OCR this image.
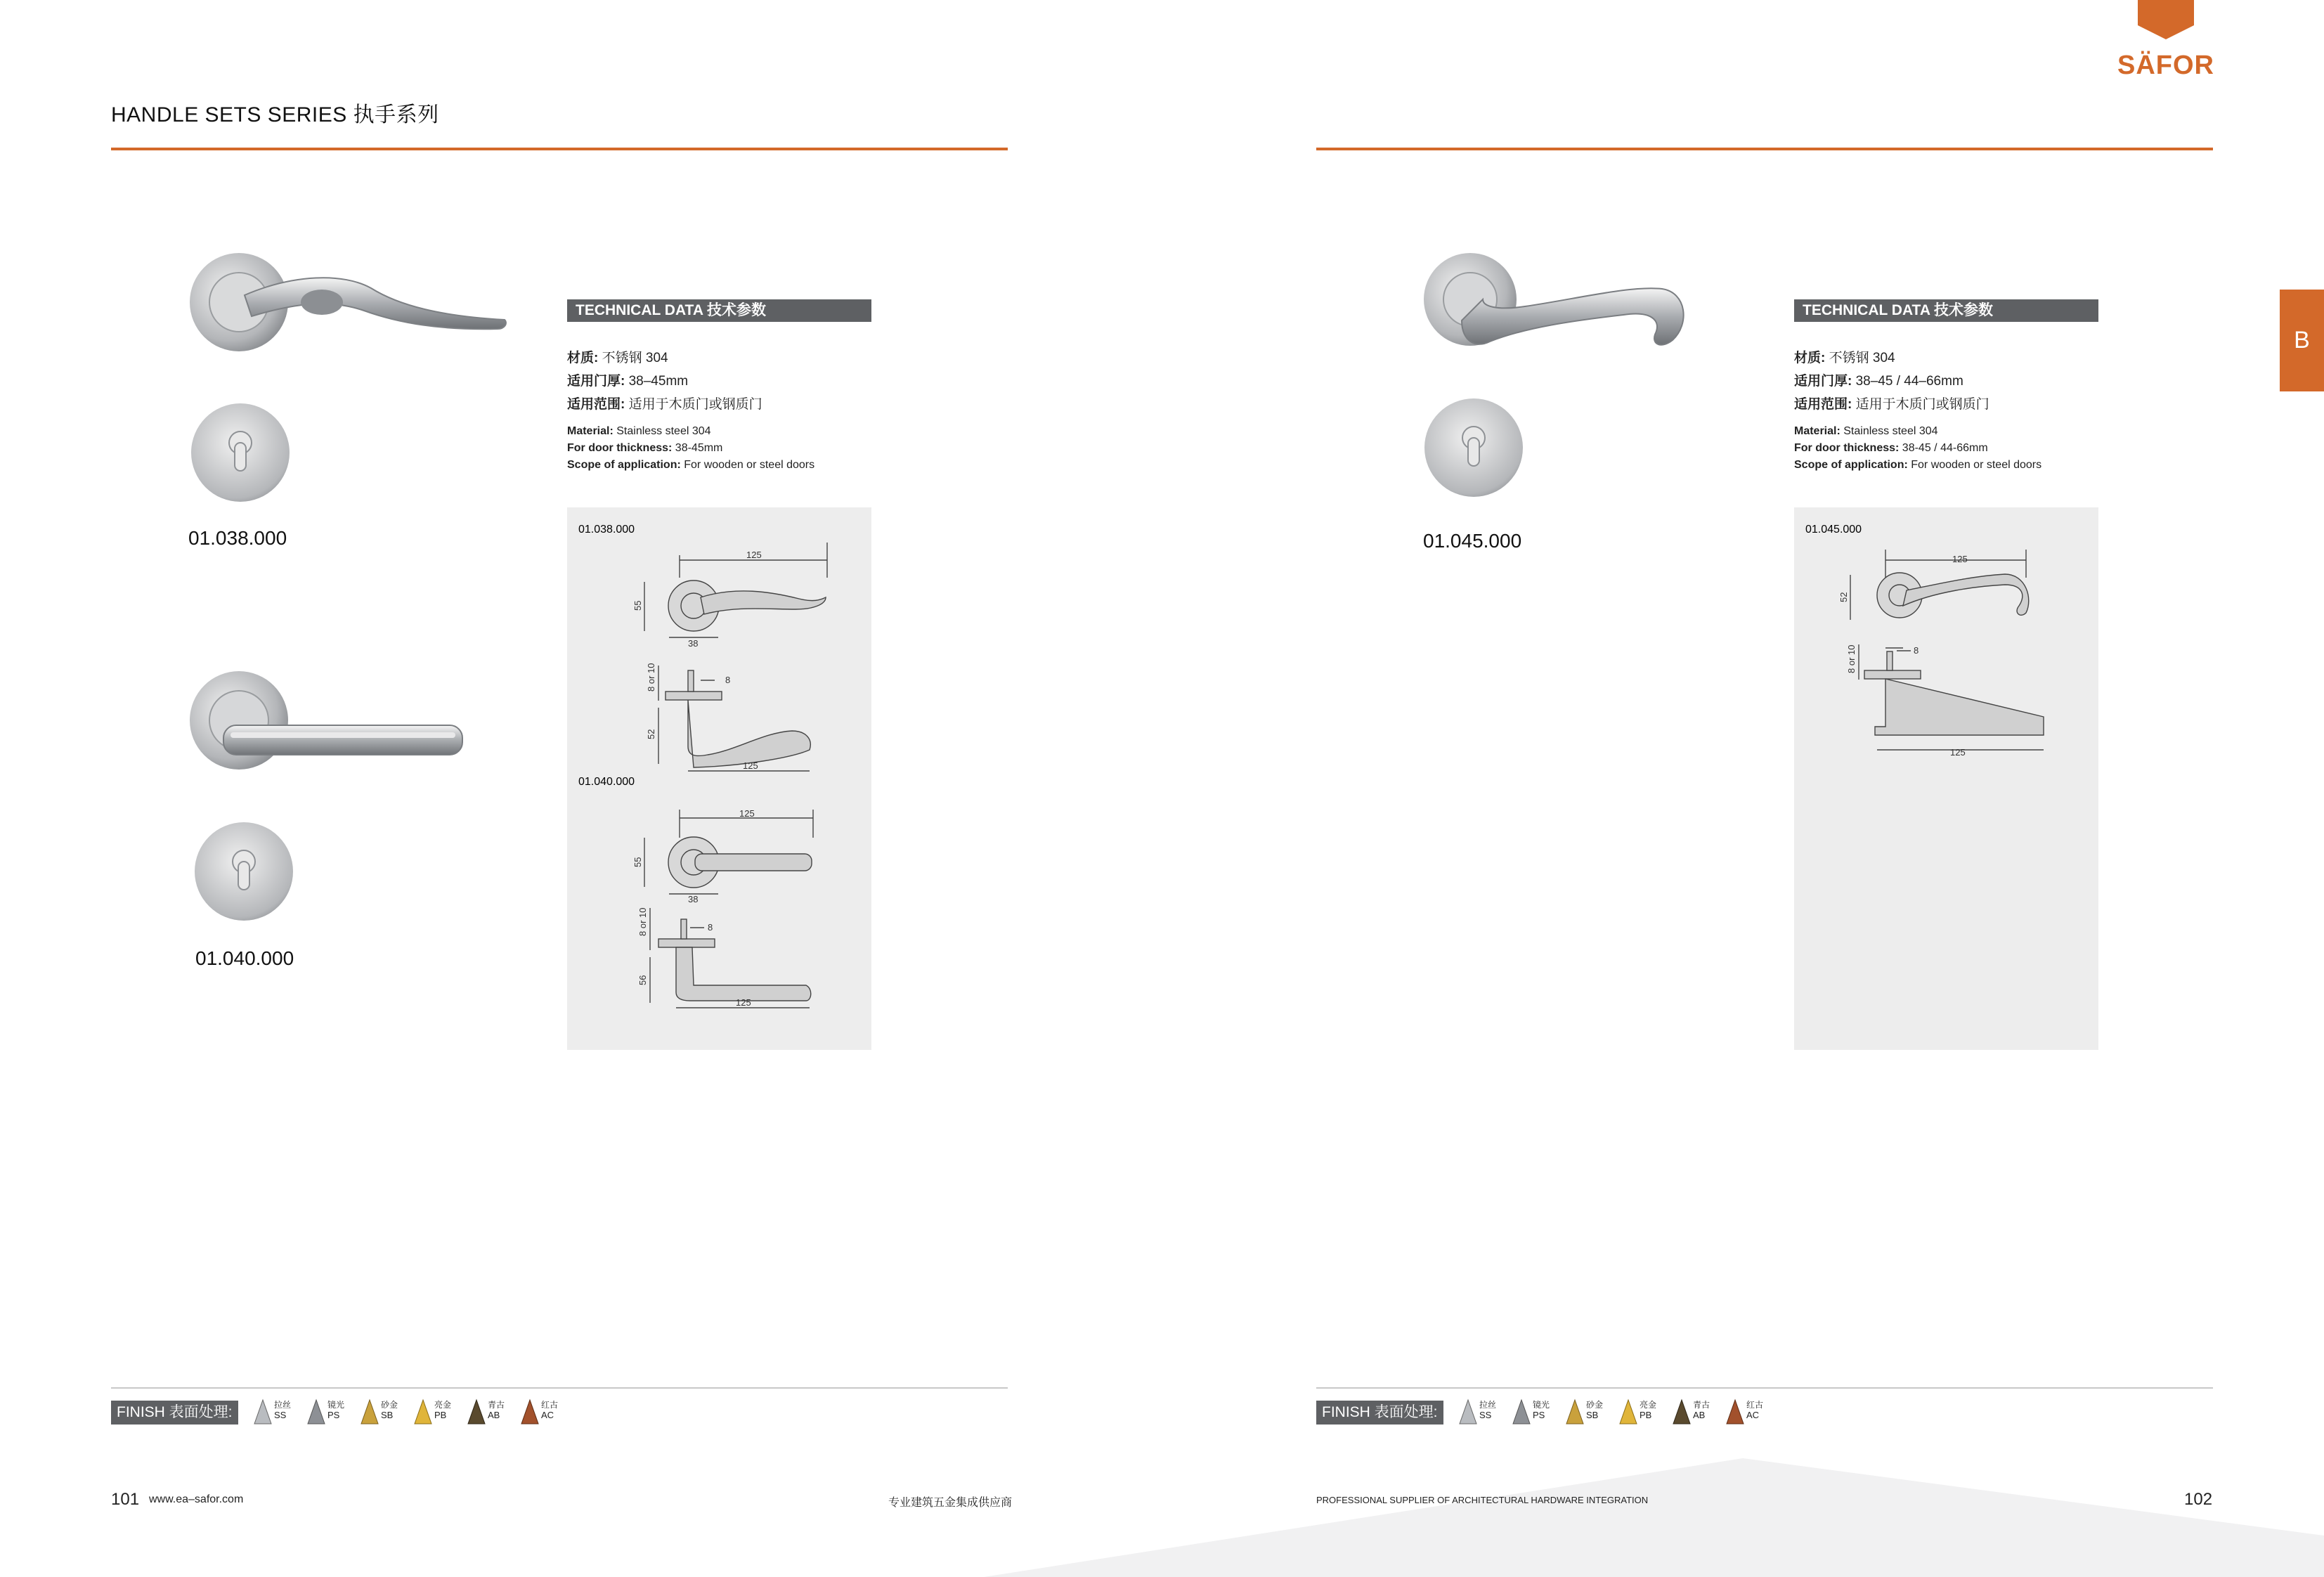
HANDLE SETS SERIES 执手系列
SÄFOR
B
01.038.000
01.040.000
TECHNICAL DATA 技术参数
材质: 不锈钢 304
适用门厚: 38–45mm
适用范围: 适用于木质门或钢质门
Material: Stainless steel 304
For door thickness: 38-45mm
Scope of application: For wooden or steel doors
01.038.000
125
55
38
8 or 10	8
52
125
01.040.000
125
55
38
8 or 10	8
56
125
01.045.000
TECHNICAL DATA 技术参数
材质: 不锈钢 304
适用门厚: 38–45 / 44–66mm
适用范围: 适用于木质门或钢质门
Material: Stainless steel 304
For door thickness: 38-45 / 44-66mm
Scope of application: For wooden or steel doors
01.045.000
125
52
8 or 10	8
125
FINISH 表面处理:	拉丝
SS
镜光
PS
砂金
SB
亮金
PB
青古
AB
红古
AC
101 www.ea–safor.com	专业建筑五金集成供应商
FINISH 表面处理:	拉丝
SS
镜光
PS
砂金
SB
亮金
PB
青古
AB
红古
AC
PROFESSIONAL SUPPLIER OF ARCHITECTURAL HARDWARE INTEGRATION	102
